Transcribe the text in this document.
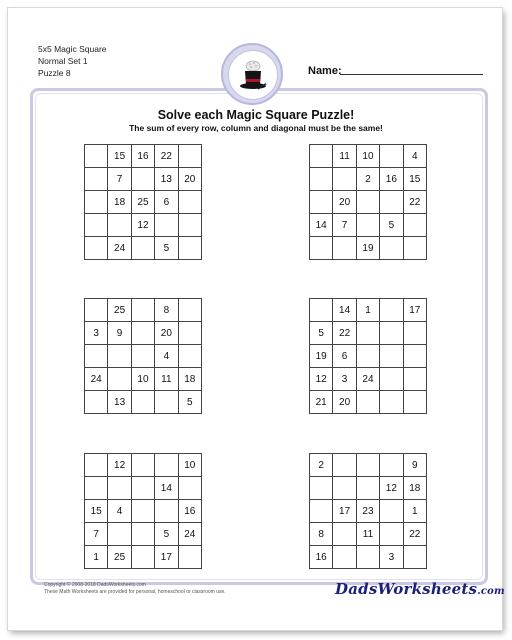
5x5 Magic Square
Normal Set 1
Puzzle 8	Name:
Solve each Magic Square Puzzle!
The sum of every row, column and diagonal must be the same!
	15	16	22	
	7		13	20
	18	25	6	
		12		
	24		5	
	11	10		4
		2	16	15
	20			22
14	7		5	
		19		
	25		8	
3	9		20	
			4	
24		10	11	18
	13			5
	14	1		17
5	22			
19	6			
12	3	24		
21	20			
	12			10
			14	
15	4			16
7			5	24
1	25		17	
2				9
			12	18
	17	23		1
8		11		22
16			3	
Copyright © 2008-2018 DadsWorksheets.com
These Math Worksheets are provided for personal, homeschool or classroom use.	DadsWorksheets.com
